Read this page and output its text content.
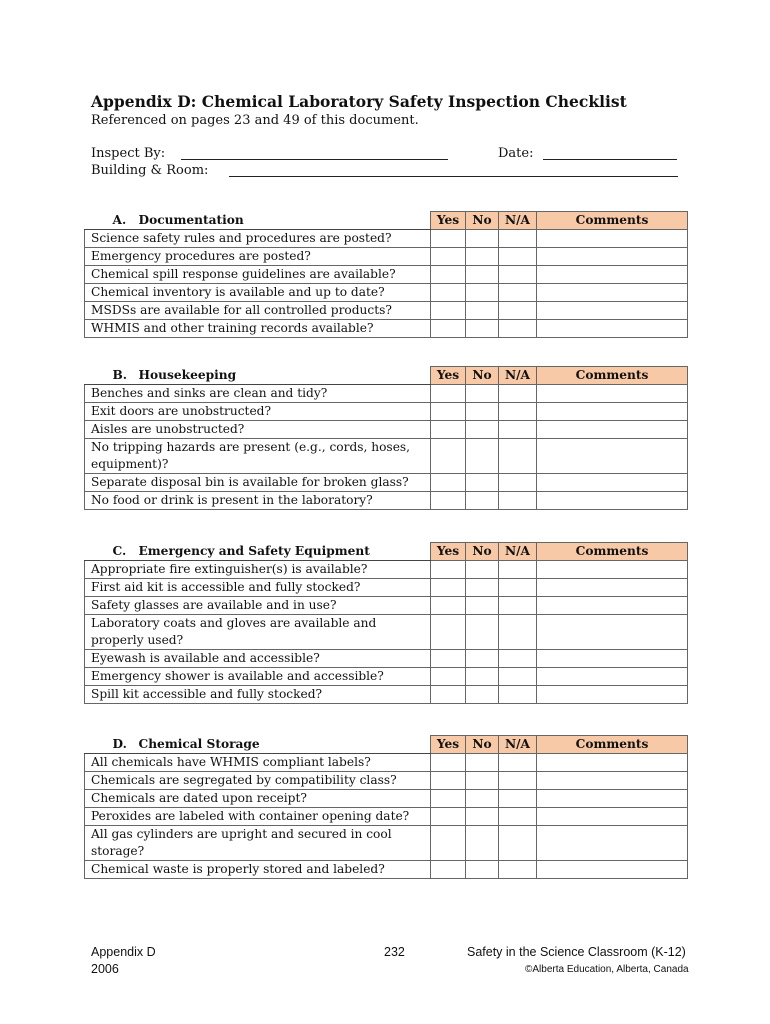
Appendix D: Chemical Laboratory Safety Inspection Checklist
Referenced on pages 23 and 49 of this document.
Inspect By:	Date:
Building & Room:
A. Documentation	Yes	No	N/A	Comments
Science safety rules and procedures are posted?				
Emergency procedures are posted?				
Chemical spill response guidelines are available?				
Chemical inventory is available and up to date?				
MSDSs are available for all controlled products?				
WHMIS and other training records available?				
B. Housekeeping	Yes	No	N/A	Comments
Benches and sinks are clean and tidy?				
Exit doors are unobstructed?				
Aisles are unobstructed?				
No tripping hazards are present (e.g., cords, hoses, equipment)?				
Separate disposal bin is available for broken glass?				
No food or drink is present in the laboratory?				
C. Emergency and Safety Equipment	Yes	No	N/A	Comments
Appropriate fire extinguisher(s) is available?				
First aid kit is accessible and fully stocked?				
Safety glasses are available and in use?				
Laboratory coats and gloves are available and properly used?				
Eyewash is available and accessible?				
Emergency shower is available and accessible?				
Spill kit accessible and fully stocked?				
D. Chemical Storage	Yes	No	N/A	Comments
All chemicals have WHMIS compliant labels?				
Chemicals are segregated by compatibility class?				
Chemicals are dated upon receipt?				
Peroxides are labeled with container opening date?				
All gas cylinders are upright and secured in cool storage?				
Chemical waste is properly stored and labeled?				
Appendix D
2006
232	Safety in the Science Classroom (K-12)
©Alberta Education, Alberta, Canada
